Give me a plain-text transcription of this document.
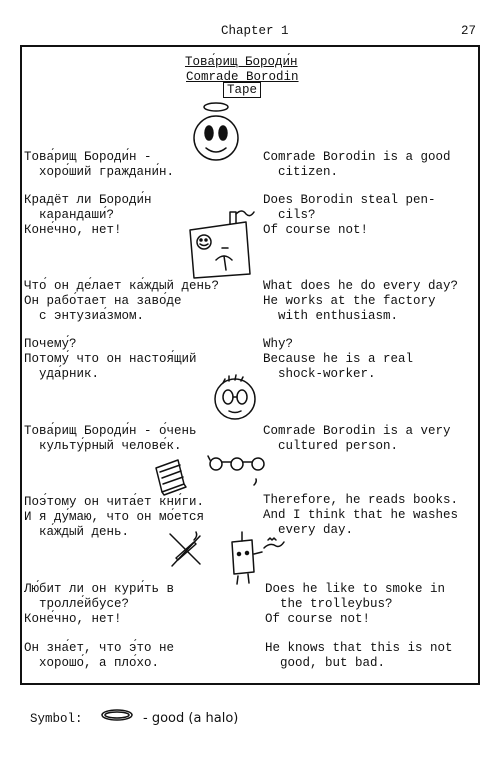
Chapter 1	27
Това́рищ Бороди́н
Comrade Borodin
Tape
Това́рищ Бороди́н -
хоро́ший граждани́н.
Comrade Borodin is a good
citizen.
Крадёт ли Бороди́н
карандаши́?
Коне́чно, нет!
Does Borodin steal pen-
cils?
Of course not!
Что́ он де́лает ка́ждый день?
Он рабо́тает на заво́де
с энтузиа́змом.
What does he do every day?
He works at the factory
with enthusiasm.
Почему́?
Потому́ что он настоя́щий
уда́рник.
Why?
Because he is a real
shock-worker.
Това́рищ Бороди́н - о́чень
культу́рный челове́к.
Comrade Borodin is a very
cultured person.
Поэ́тому он чита́ет кни́ги.
И я ду́маю, что он мо́ется
ка́ждый день.
Therefore, he reads books.
And I think that he washes
every day.
Лю́бит ли он кури́ть в
тролле́йбусе?
Коне́чно, нет!
Does he like to smoke in
the trolleybus?
Of course not!
Он зна́ет, что э́то не
хорошо́, а пло́хо.
He knows that this is not
good, but bad.
Symbol:	- good (a halo)
